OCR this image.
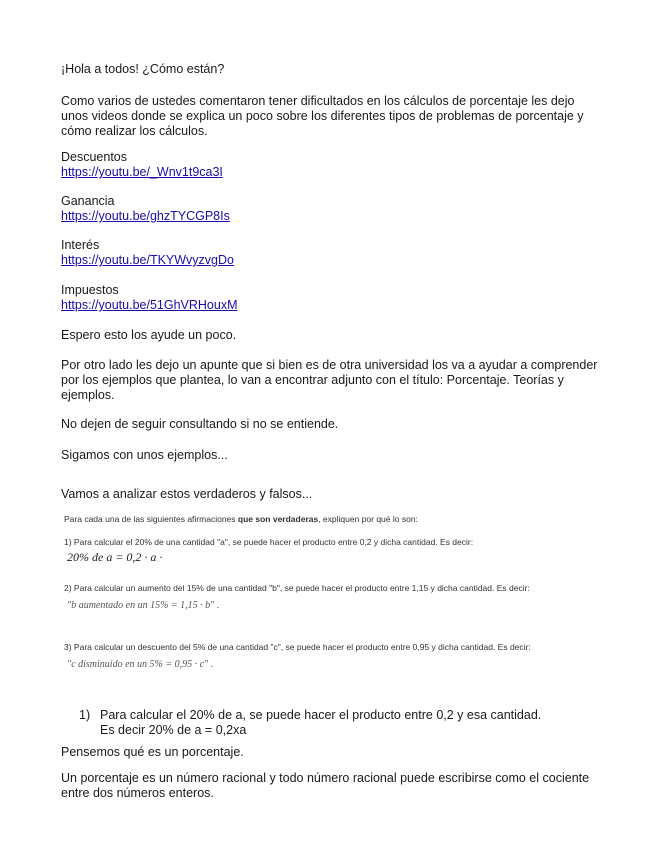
¡Hola a todos! ¿Cómo están?

Como varios de ustedes comentaron tener dificultados en los cálculos de porcentaje les dejo unos videos donde se explica un poco sobre los diferentes tipos de problemas de porcentaje y cómo realizar los cálculos.

Descuentos
https://youtu.be/_Wnv1t9ca3I
Ganancia
https://youtu.be/ghzTYCGP8Is
Interés
https://youtu.be/TKYWvyzvgDo
Impuestos
https://youtu.be/51GhVRHouxM

Espero esto los ayude un poco.

Por otro lado les dejo un apunte que si bien es de otra universidad los va a ayudar a comprender por los ejemplos que plantea, lo van a encontrar adjunto con el título: Porcentaje. Teorías y ejemplos.

No dejen de seguir consultando si no se entiende.

Sigamos con unos ejemplos...

Vamos a analizar estos verdaderos y falsos...

Para cada una de las siguientes afirmaciones que son verdaderas, expliquen por qué lo son:
1) Para calcular el 20% de una cantidad "a", se puede hacer el producto entre 0,2 y dicha cantidad. Es decir:
20% de a = 0,2 · a ·
2) Para calcular un aumento del 15% de una cantidad "b", se puede hacer el producto entre 1,15 y dicha cantidad. Es decir:
"b aumentado en un 15% = 1,15 · b" .
3) Para calcular un descuento del 5% de una cantidad "c", se puede hacer el producto entre 0,95 y dicha cantidad. Es decir:
"c disminuido en un 5% = 0,95 · c" .
1) Para calcular el 20% de a, se puede hacer el producto entre 0,2 y esa cantidad.
Es decir 20% de a = 0,2xa

Pensemos qué es un porcentaje.

Un porcentaje es un número racional y todo número racional puede escribirse como el cociente entre dos números enteros.
